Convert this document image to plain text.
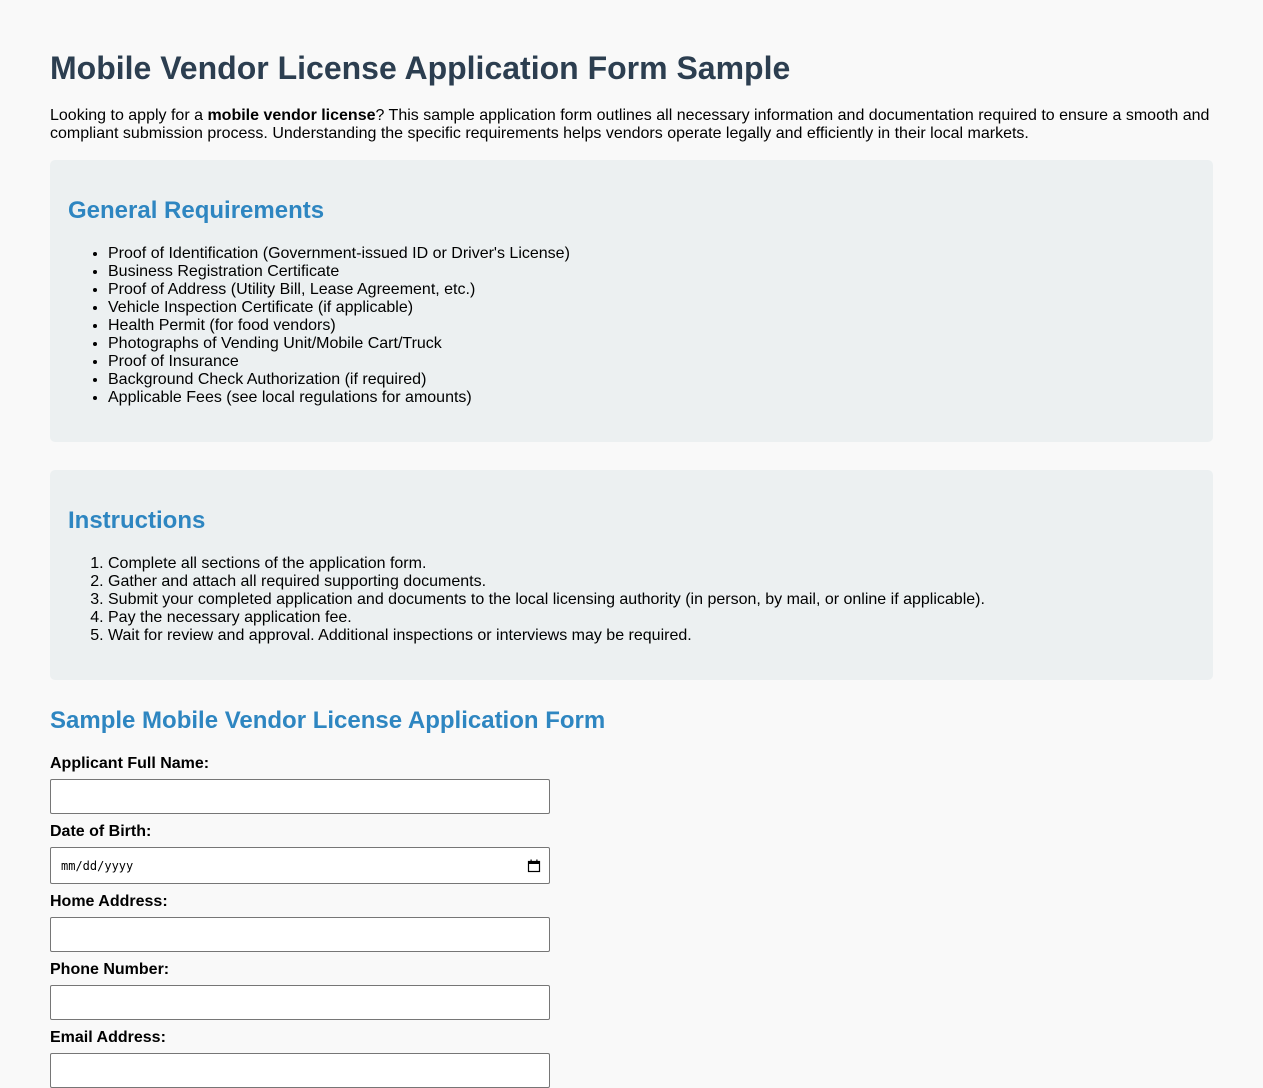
Mobile Vendor License Application Form Sample

Looking to apply for a mobile vendor license? This sample application form outlines all necessary information and documentation required to ensure a smooth and compliant submission process. Understanding the specific requirements helps vendors operate legally and efficiently in their local markets.

General Requirements
• Proof of Identification (Government-issued ID or Driver's License)
• Business Registration Certificate
• Proof of Address (Utility Bill, Lease Agreement, etc.)
• Vehicle Inspection Certificate (if applicable)
• Health Permit (for food vendors)
• Photographs of Vending Unit/Mobile Cart/Truck
• Proof of Insurance
• Background Check Authorization (if required)
• Applicable Fees (see local regulations for amounts)
Instructions
1. Complete all sections of the application form.
2. Gather and attach all required supporting documents.
3. Submit your completed application and documents to the local licensing authority (in person, by mail, or online if applicable).
4. Pay the necessary application fee.
5. Wait for review and approval. Additional inspections or interviews may be required.
Sample Mobile Vendor License Application Form
Applicant Full Name:
Date of Birth:
mm/dd/yyyy
Home Address:
Phone Number:
Email Address:
